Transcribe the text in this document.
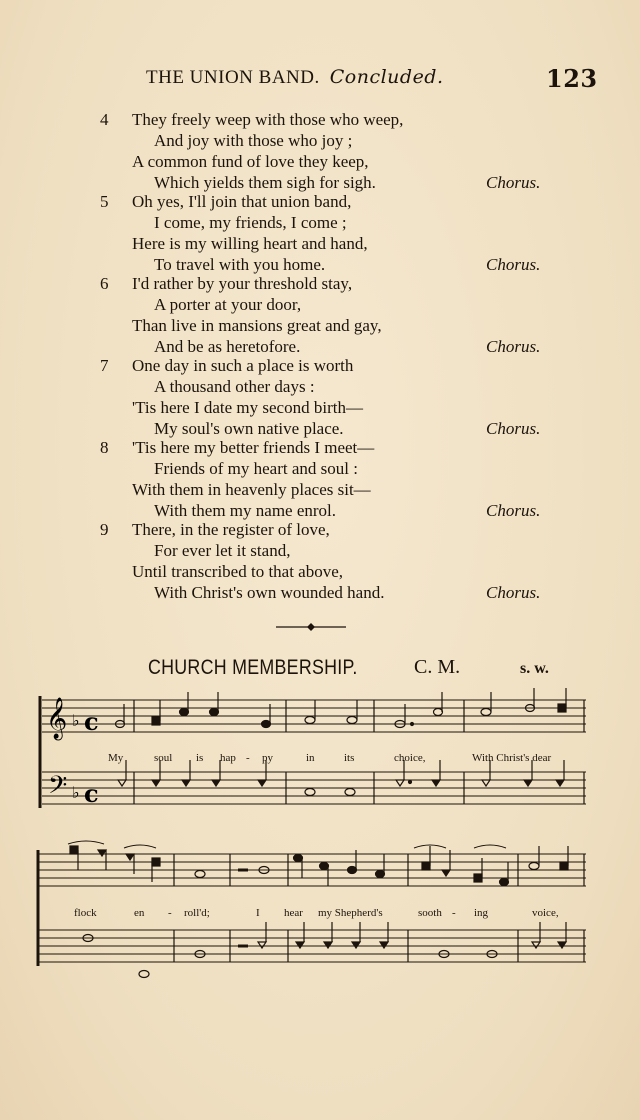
THE UNION BAND. Concluded.	123
4	They freely weep with those who weep,
And joy with those who joy ;
A common fund of love they keep,
Which yields them sigh for sigh.	Chorus.
5	Oh yes, I'll join that union band,
I come, my friends, I come ;
Here is my willing heart and hand,
To travel with you home.	Chorus.
6	I'd rather by your threshold stay,
A porter at your door,
Than live in mansions great and gay,
And be as heretofore.	Chorus.
7	One day in such a place is worth
A thousand other days :
'Tis here I date my second birth—
My soul's own native place.	Chorus.
8	'Tis here my better friends I meet—
Friends of my heart and soul :
With them in heavenly places sit—
With them my name enrol.	Chorus.
9	There, in the register of love,
For ever let it stand,
Until transcribed to that above,
With Christ's own wounded hand.	Chorus.
CHURCH MEMBERSHIP.	C. M.	s. w.
𝄞
𝄢
♭
♭
c
c
My	soul is hap - py	in	its	choice,	With Christ's dear
flock	en - roll'd;	I hear my Shepherd's	sooth - ing	voice,
